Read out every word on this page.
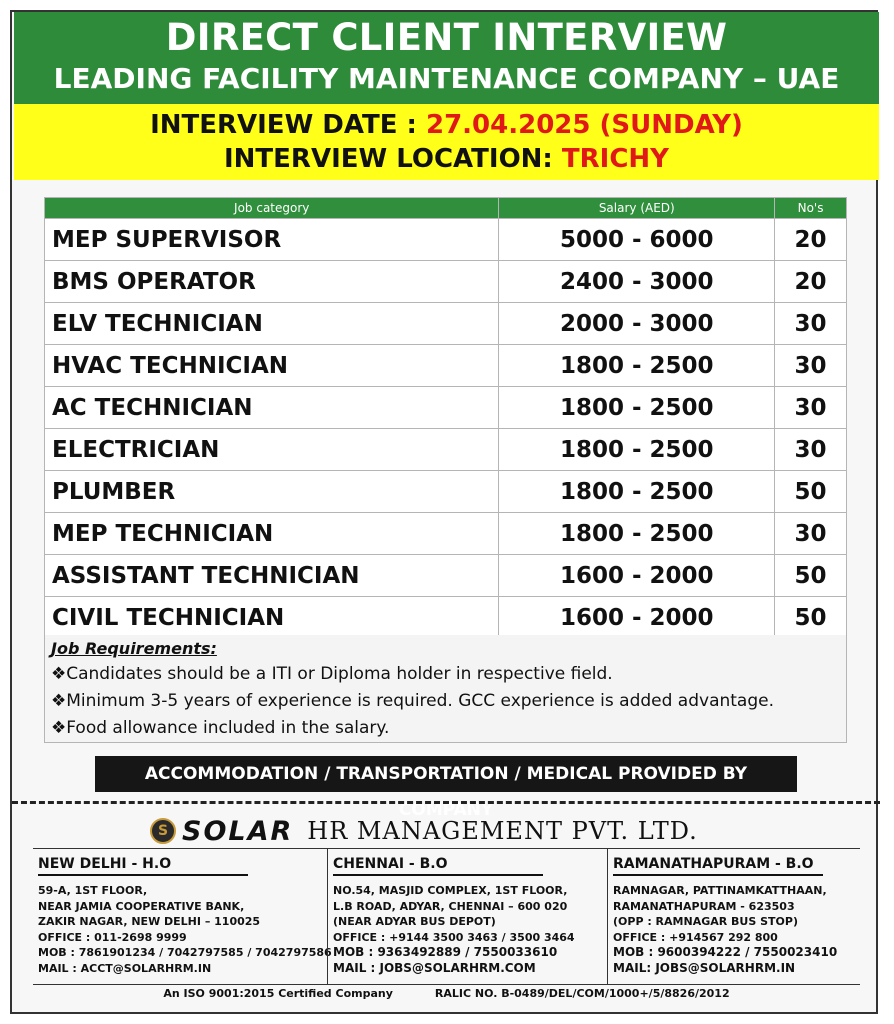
DIRECT CLIENT INTERVIEW
LEADING FACILITY MAINTENANCE COMPANY – UAE
INTERVIEW DATE : 27.04.2025 (SUNDAY)
INTERVIEW LOCATION: TRICHY
Job category	Salary (AED)	No's
MEP SUPERVISOR	5000 - 6000	20
BMS OPERATOR	2400 - 3000	20
ELV TECHNICIAN	2000 - 3000	30
HVAC TECHNICIAN	1800 - 2500	30
AC TECHNICIAN	1800 - 2500	30
ELECTRICIAN	1800 - 2500	30
PLUMBER	1800 - 2500	50
MEP TECHNICIAN	1800 - 2500	30
ASSISTANT TECHNICIAN	1600 - 2000	50
CIVIL TECHNICIAN	1600 - 2000	50
Job Requirements:
❖Candidates should be a ITI or Diploma holder in respective field.
❖Minimum 3-5 years of experience is required. GCC experience is added advantage.
❖Food allowance included in the salary.
ACCOMMODATION / TRANSPORTATION / MEDICAL PROVIDED BY COMPANY
S SOLAR HR MANAGEMENT PVT. LTD.
NEW DELHI - H.O
59-A, 1ST FLOOR,
NEAR JAMIA COOPERATIVE BANK,
ZAKIR NAGAR, NEW DELHI – 110025
OFFICE : 011-2698 9999
MOB : 7861901234 / 7042797585 / 7042797586
MAIL : ACCT@SOLARHRM.IN
CHENNAI - B.O
NO.54, MASJID COMPLEX, 1ST FLOOR,
L.B ROAD, ADYAR, CHENNAI – 600 020
(NEAR ADYAR BUS DEPOT)
OFFICE : +9144 3500 3463 / 3500 3464
MOB : 9363492889 / 7550033610
MAIL : JOBS@SOLARHRM.COM
RAMANATHAPURAM - B.O
RAMNAGAR, PATTINAMKATTHAAN,
RAMANATHAPURAM - 623503
(OPP : RAMNAGAR BUS STOP)
OFFICE : +914567 292 800
MOB : 9600394222 / 7550023410
MAIL: JOBS@SOLARHRM.IN
An ISO 9001:2015 Certified Company	RALIC NO. B-0489/DEL/COM/1000+/5/8826/2012
